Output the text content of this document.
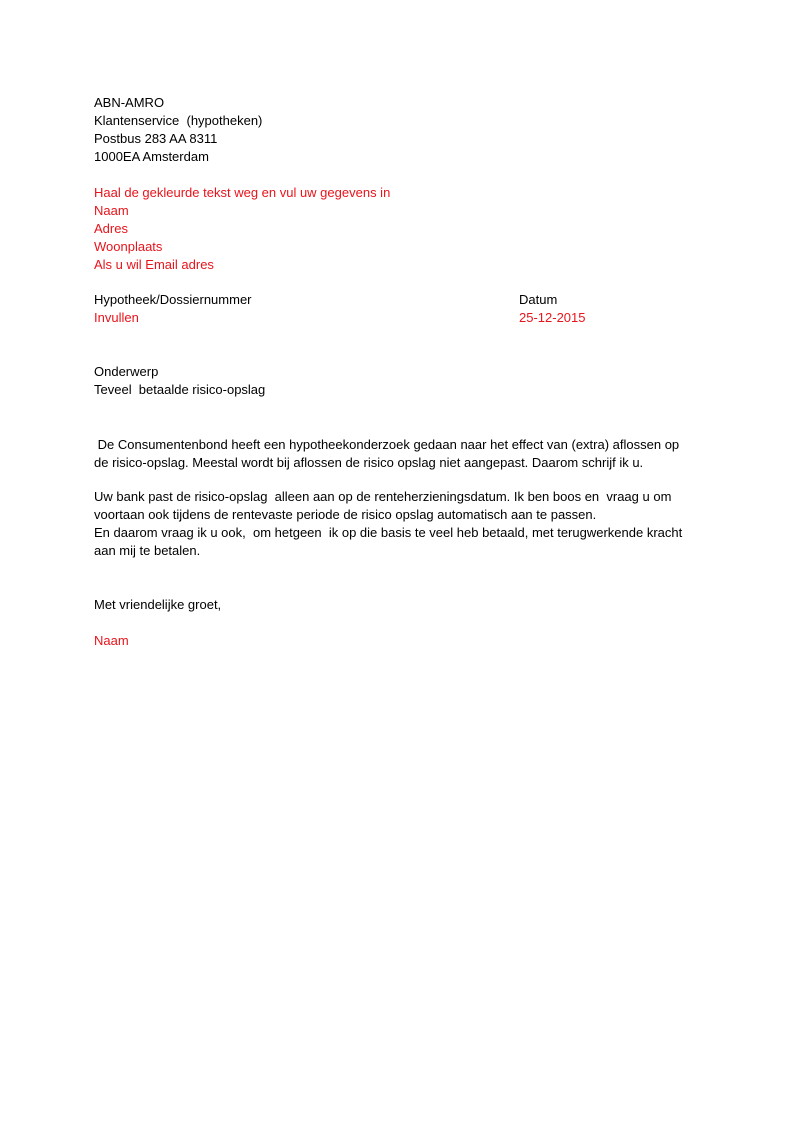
ABN-AMRO
Klantenservice  (hypotheken)
Postbus 283 AA 8311
1000EA Amsterdam
Haal de gekleurde tekst weg en vul uw gegevens in
Naam
Adres
Woonplaats
Als u wil Email adres
Hypotheek/Dossiernummer	Datum
Invullen	25-12-2015
Onderwerp
Teveel  betaalde risico-opslag
De Consumentenbond heeft een hypotheekonderzoek gedaan naar het effect van (extra) aflossen op
de risico-opslag. Meestal wordt bij aflossen de risico opslag niet aangepast. Daarom schrijf ik u.
Uw bank past de risico-opslag  alleen aan op de renteherzieningsdatum. Ik ben boos en  vraag u om
voortaan ook tijdens de rentevaste periode de risico opslag automatisch aan te passen.
En daarom vraag ik u ook,  om hetgeen  ik op die basis te veel heb betaald, met terugwerkende kracht
aan mij te betalen.
Met vriendelijke groet,
Naam
